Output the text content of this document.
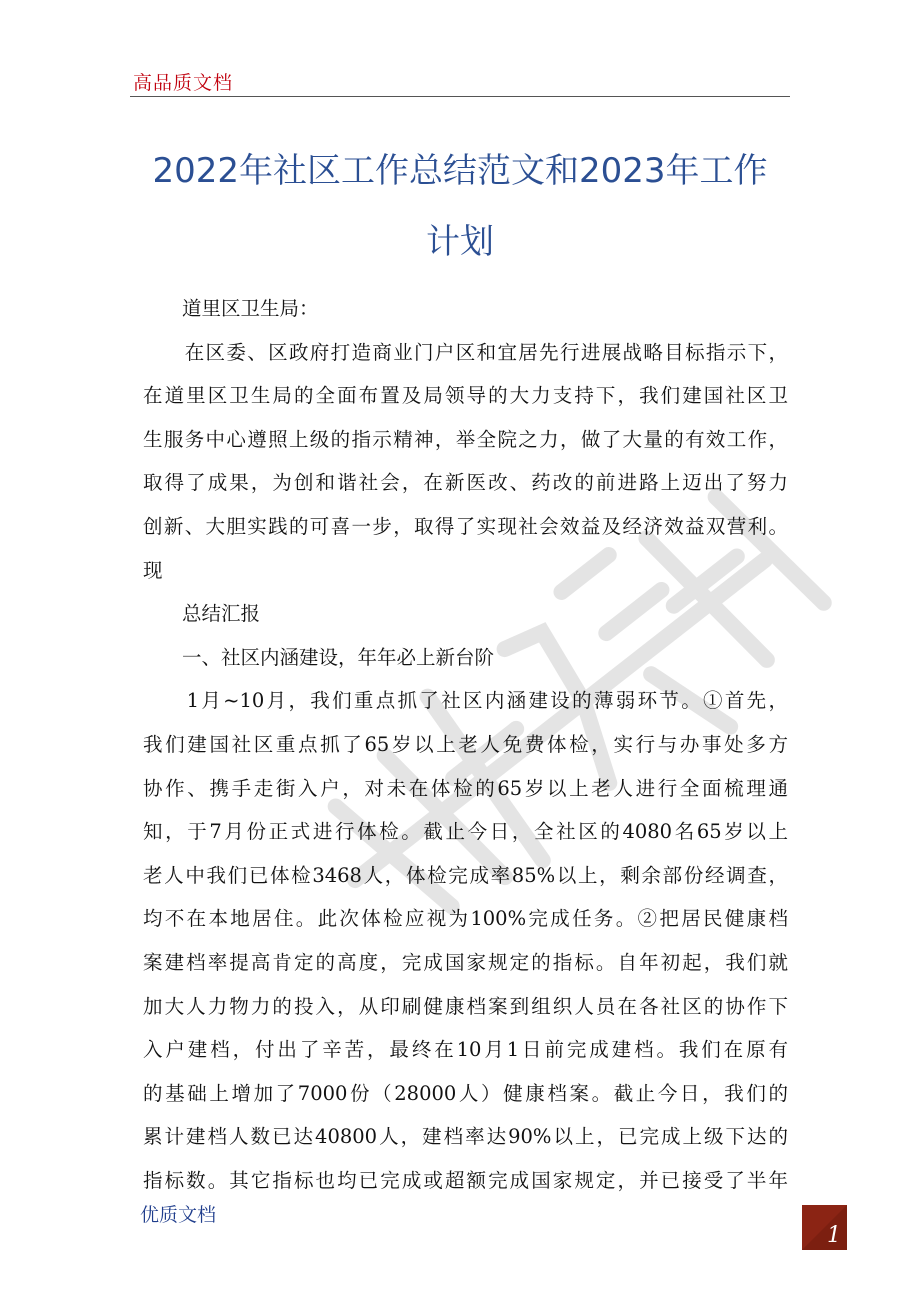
高品质文档
2022年社区工作总结范文和2023年工作
计划
　　道里区卫生局：
　　在区委、区政府打造商业门户区和宜居先行进展战略目标指示下，
在道里区卫生局的全面布置及局领导的大力支持下，我们建国社区卫
生服务中心遵照上级的指示精神，举全院之力，做了大量的有效工作，
取得了成果，为创和谐社会，在新医改、药改的前进路上迈出了努力
创新、大胆实践的可喜一步，取得了实现社会效益及经济效益双营利。
现
　　总结汇报
　　一、社区内涵建设，年年必上新台阶
　　1月~10月，我们重点抓了社区内涵建设的薄弱环节。①首先，
我们建国社区重点抓了65岁以上老人免费体检，实行与办事处多方
协作、携手走街入户，对未在体检的65岁以上老人进行全面梳理通
知，于7月份正式进行体检。截止今日，全社区的4080名65岁以上
老人中我们已体检3468人，体检完成率85%以上，剩余部份经调查，
均不在本地居住。此次体检应视为100%完成任务。②把居民健康档
案建档率提高肯定的高度，完成国家规定的指标。自年初起，我们就
加大人力物力的投入，从印刷健康档案到组织人员在各社区的协作下
入户建档，付出了辛苦，最终在10月1日前完成建档。我们在原有
的基础上增加了7000份（28000人）健康档案。截止今日，我们的
累计建档人数已达40800人，建档率达90%以上，已完成上级下达的
指标数。其它指标也均已完成或超额完成国家规定，并已接受了半年
优质文档
1
